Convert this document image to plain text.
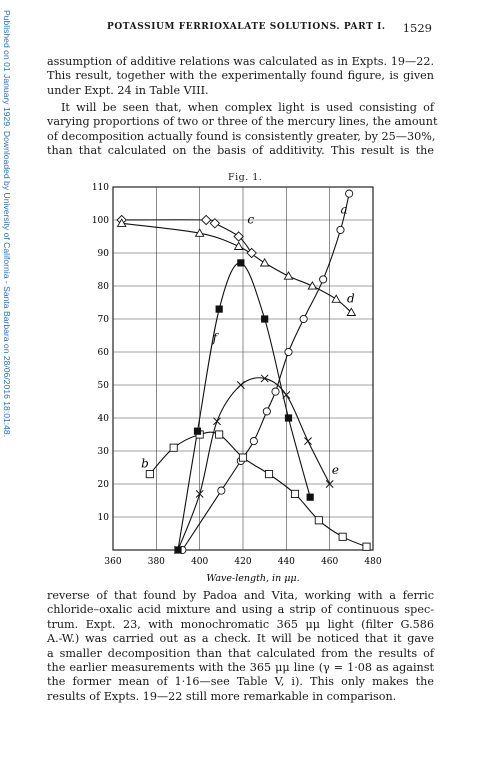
Published on 01 January 1929. Downloaded by University of California - Santa Barbara on 28/06/2016 18:01:48.	POTASSIUM FERRIOXALATE SOLUTIONS. PART I. 1529

assumption of additive relations was calculated as in Expts. 19—22.
This result, together with the experimentally found figure, is given
under Expt. 24 in Table VIII.

It will be seen that, when complex light is used consisting of
varying proportions of two or three of the mercury lines, the amount
of decomposition actually found is consistently greater, by 25—30%,
than that calculated on the basis of additivity. This result is the

Fig. 1.
360	380	400	420	440	460	480
10
20
30
40
50
60
70
80
90
100
110
a
b
c
d
e
f
Wave-length, in μμ.

reverse of that found by Padoa and Vita, working with a ferric
chloride–oxalic acid mixture and using a strip of continuous spec-
trum. Expt. 23, with monochromatic 365 μμ light (filter G.586
A.-W.) was carried out as a check. It will be noticed that it gave
a smaller decomposition than that calculated from the results of
the earlier measurements with the 365 μμ line (γ = 1·08 as against
the former mean of 1·16—see Table V, i). This only makes the
results of Expts. 19—22 still more remarkable in comparison.
